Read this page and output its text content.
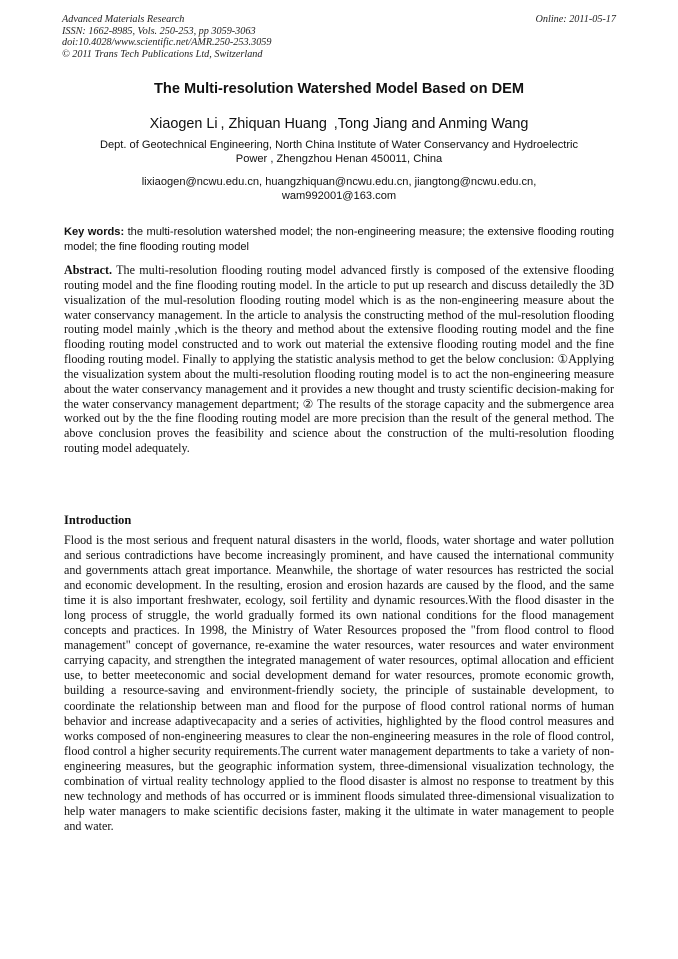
Advanced Materials Research
ISSN: 1662-8985, Vols. 250-253, pp 3059-3063
doi:10.4028/www.scientific.net/AMR.250-253.3059
© 2011 Trans Tech Publications Ltd, Switzerland
Online: 2011-05-17
The Multi-resolution Watershed Model Based on DEM
Xiaogen Li , Zhiquan Huang  ,Tong Jiang and Anming Wang
Dept. of Geotechnical Engineering, North China Institute of Water Conservancy and Hydroelectric Power , Zhengzhou Henan 450011, China
lixiaogen@ncwu.edu.cn, huangzhiquan@ncwu.edu.cn, jiangtong@ncwu.edu.cn, wam992001@163.com
Key words: the multi-resolution watershed model; the non-engineering measure; the extensive flooding routing model; the fine flooding routing model
Abstract. The multi-resolution flooding routing model advanced firstly is composed of the extensive flooding routing model and the fine flooding routing model. In the article to put up research and discuss detailedly the 3D visualization of the mul-resolution flooding routing model which is as the non-engineering measure about the water conservancy management. In the article to analysis the constructing method of the mul-resolution flooding routing model mainly ,which is the theory and method about the extensive flooding routing model and the fine flooding routing model constructed and to work out material the extensive flooding routing model and the fine flooding routing model. Finally to applying the statistic analysis method to get the below conclusion: ①Applying the visualization system about the multi-resolution flooding routing model is to act the non-engineering measure about the water conservancy management and it provides a new thought and trusty scientific decision-making for the water conservancy management department; ② The results of the storage capacity and the submergence area worked out by the the fine flooding routing model are more precision than the result of the general method. The above conclusion proves the feasibility and science about the construction of the multi-resolution flooding routing model adequately.
Introduction
Flood is the most serious and frequent natural disasters in the world, floods, water shortage and water pollution and serious contradictions have become increasingly prominent, and have caused the international community and governments attach great importance. Meanwhile, the shortage of water resources has restricted the social and economic development. In the resulting, erosion and erosion hazards are caused by the flood, and the same time it is also important freshwater, ecology, soil fertility and dynamic resources.With the flood disaster in the long process of struggle, the world gradually formed its own national conditions for the flood management concepts and practices. In 1998, the Ministry of Water Resources proposed the "from flood control to flood management" concept of governance, re-examine the water resources, water resources and water environment carrying capacity, and strengthen the integrated management of water resources, optimal allocation and efficient use, to better meeteconomic and social development demand for water resources, promote economic growth, building a resource-saving and environment-friendly society, the principle of sustainable development, to coordinate the relationship between man and flood for the purpose of flood control rational norms of human behavior and increase adaptivecapacity and a series of activities, highlighted by the flood control measures and works composed of non-engineering measures to clear the non-engineering measures in the role of flood control, flood control a higher security requirements.The current water management departments to take a variety of non-engineering measures, but the geographic information system, three-dimensional visualization technology, the combination of virtual reality technology applied to the flood disaster is almost no response to treatment by this new technology and methods of has occurred or is imminent floods simulated three-dimensional visualization to help water managers to make scientific decisions faster, making it the ultimate in water management to people and water.
